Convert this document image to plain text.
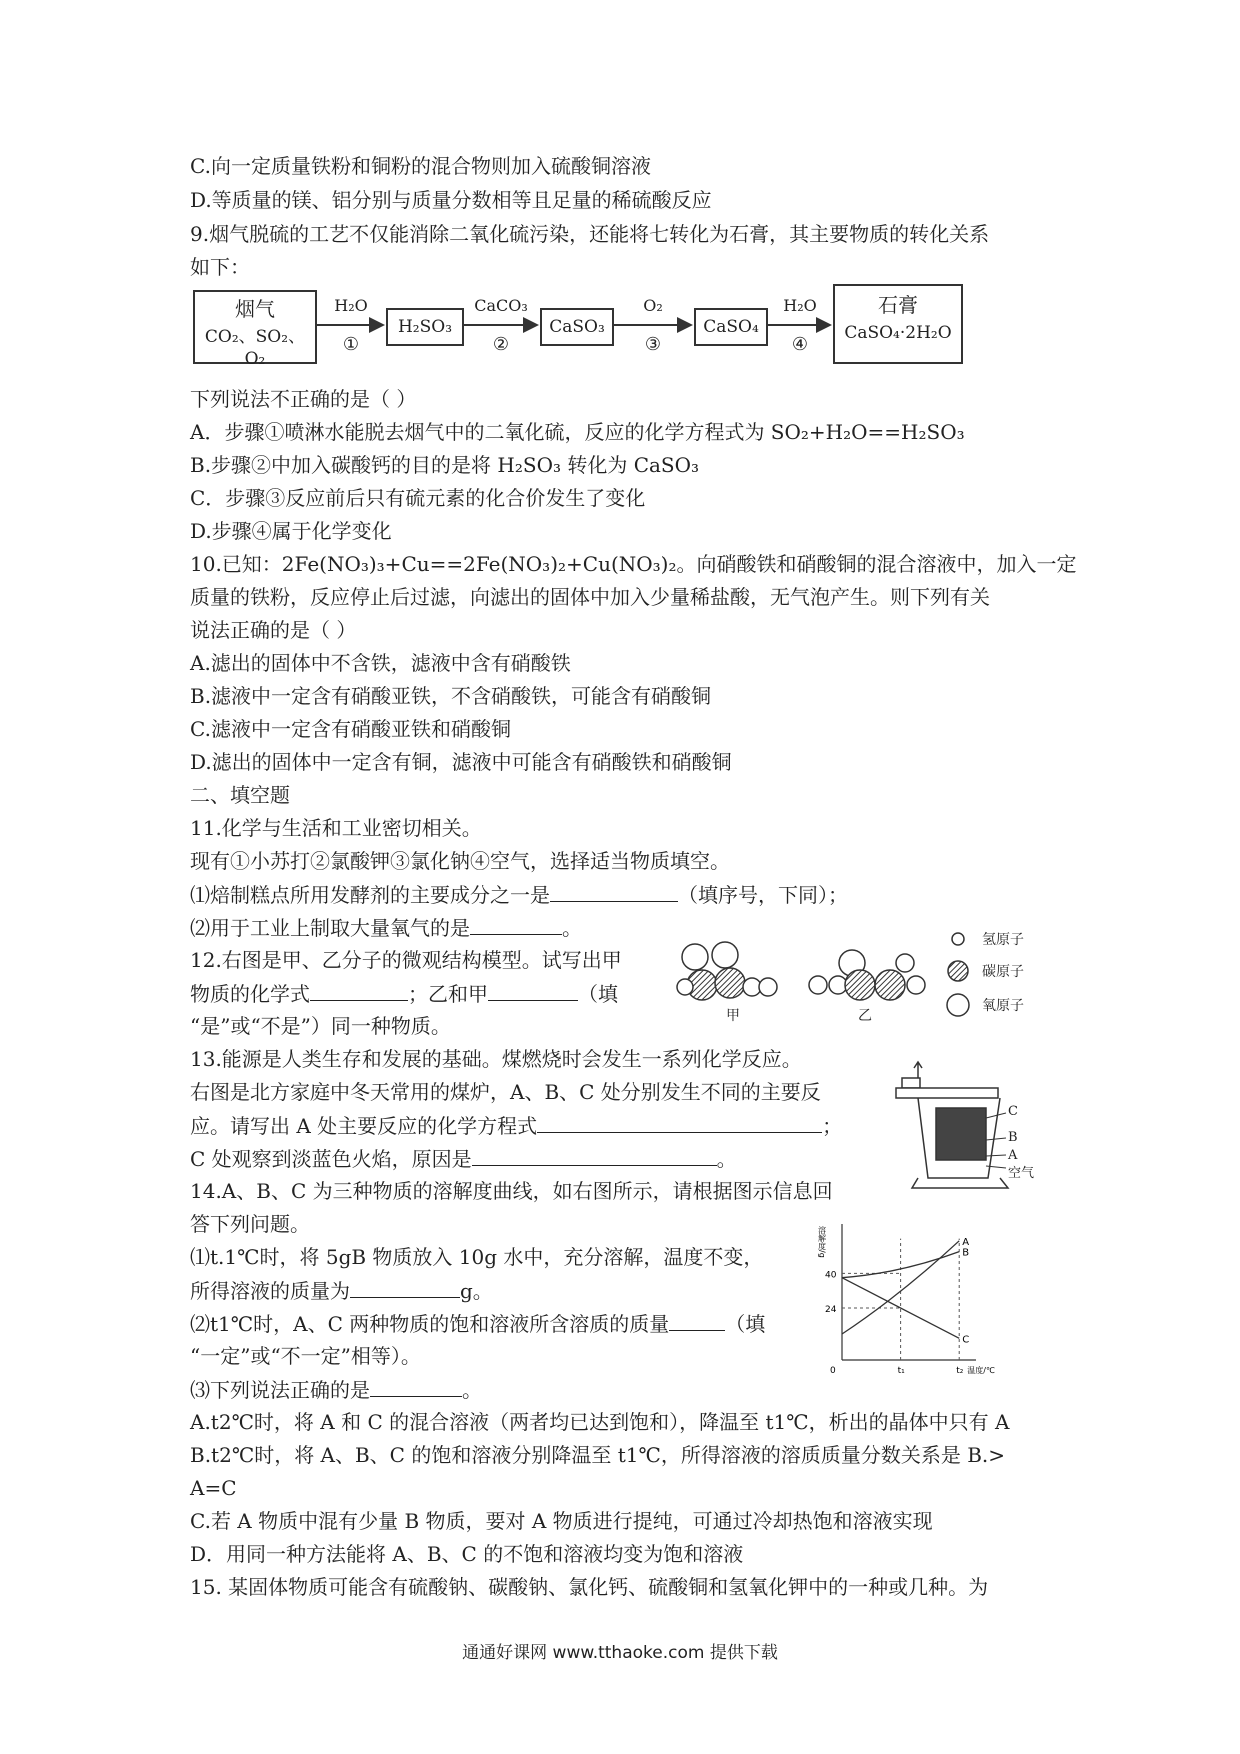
C.向一定质量铁粉和铜粉的混合物则加入硫酸铜溶液
D.等质量的镁、铝分别与质量分数相等且足量的稀硫酸反应
9.烟气脱硫的工艺不仅能消除二氧化硫污染，还能将七转化为石膏，其主要物质的转化关系
如下：
烟气
CO₂、SO₂、O₂
H₂SO₃	CaSO₃	CaSO₄
石膏
CaSO₄·2H₂O
H₂O
①
CaCO₃
②
O₂
③
H₂O
④
下列说法不正确的是（ ）
A．步骤①喷淋水能脱去烟气中的二氧化硫，反应的化学方程式为 SO₂+H₂O==H₂SO₃
B.步骤②中加入碳酸钙的目的是将 H₂SO₃ 转化为 CaSO₃
C．步骤③反应前后只有硫元素的化合价发生了变化
D.步骤④属于化学变化
10.已知：2Fe(NO₃)₃+Cu==2Fe(NO₃)₂+Cu(NO₃)₂。向硝酸铁和硝酸铜的混合溶液中，加入一定
质量的铁粉，反应停止后过滤，向滤出的固体中加入少量稀盐酸，无气泡产生。则下列有关
说法正确的是（ ）
A.滤出的固体中不含铁，滤液中含有硝酸铁
B.滤液中一定含有硝酸亚铁，不含硝酸铁，可能含有硝酸铜
C.滤液中一定含有硝酸亚铁和硝酸铜
D.滤出的固体中一定含有铜，滤液中可能含有硝酸铁和硝酸铜
二、填空题
11.化学与生活和工业密切相关。
现有①小苏打②氯酸钾③氯化钠④空气，选择适当物质填空。
⑴焙制糕点所用发酵剂的主要成分之一是	（填序号，下同）；
⑵用于工业上制取大量氧气的是	。
12.右图是甲、乙分子的微观结构模型。试写出甲
物质的化学式	；乙和甲	（填
“是”或“不是”）同一种物质。
氢原子
碳原子
氧原子
甲	乙
13.能源是人类生存和发展的基础。煤燃烧时会发生一系列化学反应。
右图是北方家庭中冬天常用的煤炉，A、B、C 处分别发生不同的主要反
应。请写出 A 处主要反应的化学方程式	；
C 处观察到淡蓝色火焰，原因是	。
C
B
A
空气
14.A、B、C 为三种物质的溶解度曲线，如右图所示，请根据图示信息回
答下列问题。
⑴t.1℃时，将 5gB 物质放入 10g 水中，充分溶解，温度不变，
所得溶液的质量为	g。
⑵t1℃时，A、C 两种物质的饱和溶液所含溶质的质量	（填
“一定”或“不一定”相等）。
⑶下列说法正确的是	。
A
B
C
40
24
0	t₁	t₂ 温度/℃
溶解度/g
A.t2℃时，将 A 和 C 的混合溶液（两者均已达到饱和），降温至 t1℃，析出的晶体中只有 A
B.t2℃时，将 A、B、C 的饱和溶液分别降温至 t1℃，所得溶液的溶质质量分数关系是 B.>
A=C
C.若 A 物质中混有少量 B 物质，要对 A 物质进行提纯，可通过冷却热饱和溶液实现
D．用同一种方法能将 A、B、C 的不饱和溶液均变为饱和溶液
15. 某固体物质可能含有硫酸钠、碳酸钠、氯化钙、硫酸铜和氢氧化钾中的一种或几种。为
通通好课网 www.tthaoke.com 提供下载
